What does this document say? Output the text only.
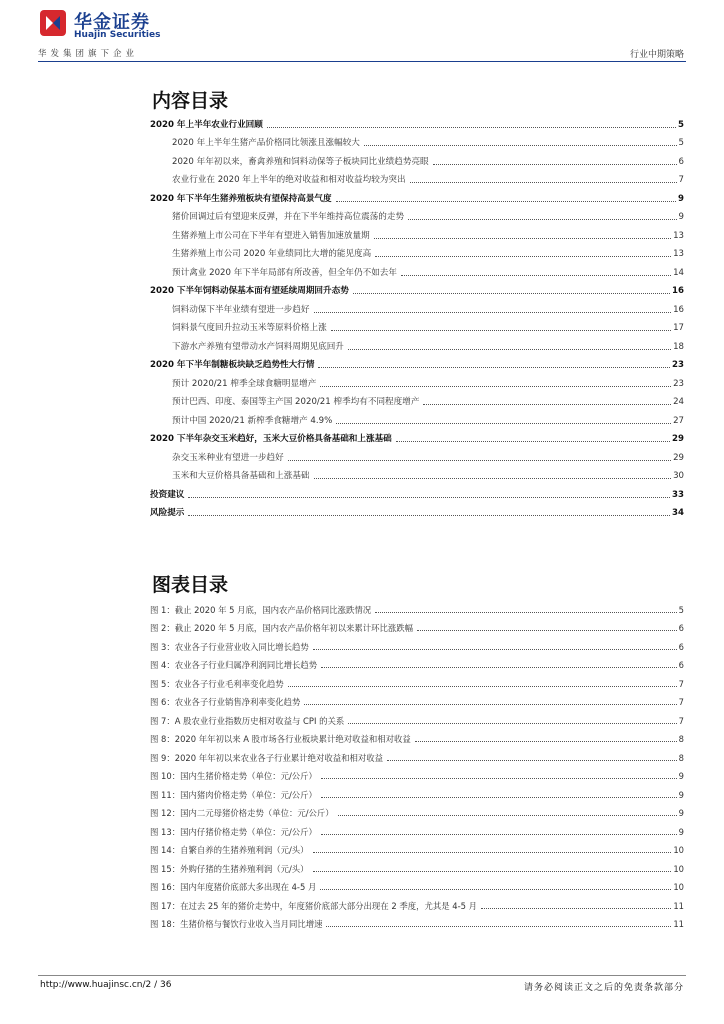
华金证券
Huajin Securities
华发集团旗下企业	行业中期策略
内容目录
2020 年上半年农业行业回顾	5
2020 年上半年生猪产品价格同比领涨且涨幅较大	5
2020 年年初以来，畜禽养殖和饲料动保等子板块同比业绩趋势亮眼	6
农业行业在 2020 年上半年的绝对收益和相对收益均较为突出	7
2020 年下半年生猪养殖板块有望保持高景气度	9
猪价回调过后有望迎来反弹，并在下半年维持高位震荡的走势	9
生猪养殖上市公司在下半年有望进入销售加速放量期	13
生猪养殖上市公司 2020 年业绩同比大增的能见度高	13
预计禽业 2020 年下半年局部有所改善，但全年仍不如去年	14
2020 下半年饲料动保基本面有望延续周期回升态势	16
饲料动保下半年业绩有望进一步趋好	16
饲料景气度回升拉动玉米等原料价格上涨	17
下游水产养殖有望带动水产饲料周期见底回升	18
2020 年下半年制糖板块缺乏趋势性大行情	23
预计 2020/21 榨季全球食糖明显增产	23
预计巴西、印度、泰国等主产国 2020/21 榨季均有不同程度增产	24
预计中国 2020/21 新榨季食糖增产 4.9%	27
2020 下半年杂交玉米趋好，玉米大豆价格具备基础和上涨基础	29
杂交玉米种业有望进一步趋好	29
玉米和大豆价格具备基础和上涨基础	30
投资建议	33
风险提示	34
图表目录
图 1：截止 2020 年 5 月底，国内农产品价格同比涨跌情况	5
图 2：截止 2020 年 5 月底，国内农产品价格年初以来累计环比涨跌幅	6
图 3：农业各子行业营业收入同比增长趋势	6
图 4：农业各子行业归属净利润同比增长趋势	6
图 5：农业各子行业毛利率变化趋势	7
图 6：农业各子行业销售净利率变化趋势	7
图 7：A 股农业行业指数历史相对收益与 CPI 的关系	7
图 8：2020 年年初以来 A 股市场各行业板块累计绝对收益和相对收益	8
图 9：2020 年年初以来农业各子行业累计绝对收益和相对收益	8
图 10：国内生猪价格走势（单位：元/公斤）	9
图 11：国内猪肉价格走势（单位：元/公斤）	9
图 12：国内二元母猪价格走势（单位：元/公斤）	9
图 13：国内仔猪价格走势（单位：元/公斤）	9
图 14：自繁自养的生猪养殖利润（元/头）	10
图 15：外购仔猪的生猪养殖利润（元/头）	10
图 16：国内年度猪价底部大多出现在 4-5 月	10
图 17：在过去 25 年的猪价走势中，年度猪价底部大部分出现在 2 季度，尤其是 4-5 月	11
图 18：生猪价格与餐饮行业收入当月同比增速	11
http://www.huajinsc.cn/2 / 36	请务必阅读正文之后的免责条款部分
